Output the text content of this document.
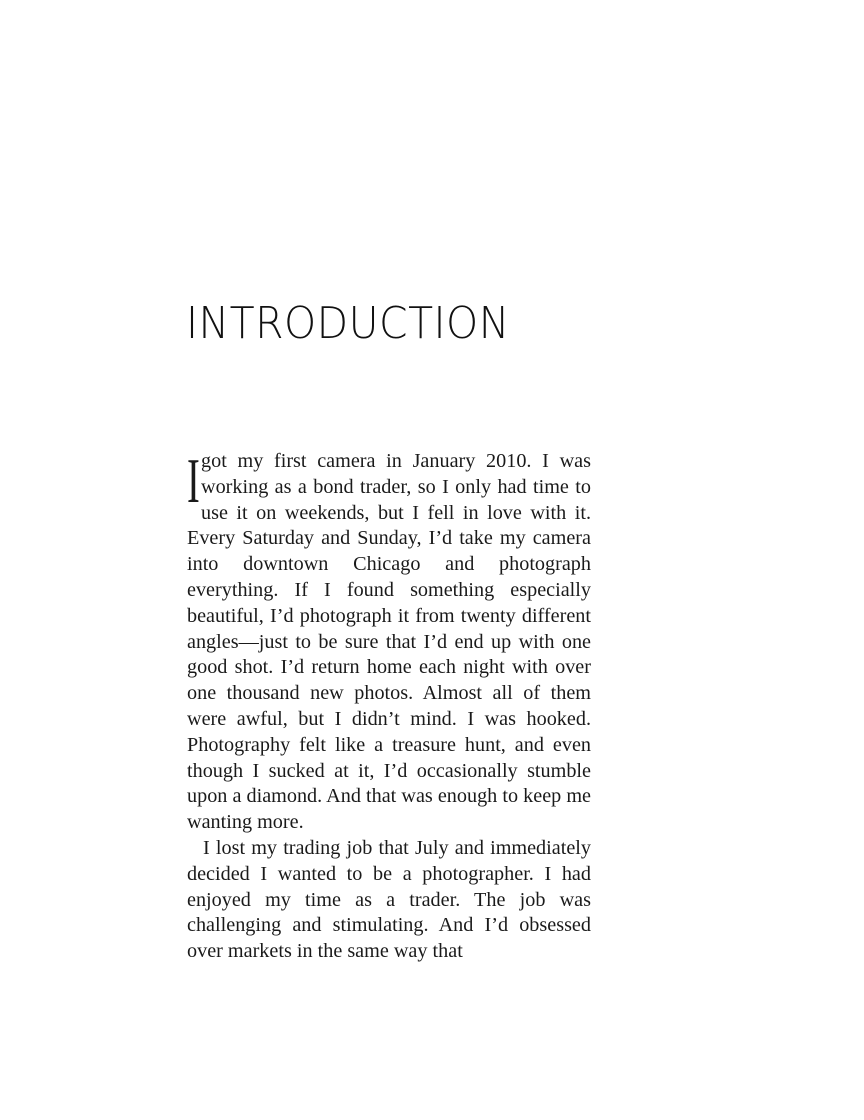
INTRODUCTION

Igot my first camera in January 2010. I was working as a bond trader, so I only had time to use it on weekends, but I fell in love with it. Every Saturday and Sunday, I’d take my camera into downtown Chicago and photograph everything. If I found something especially beautiful, I’d photograph it from twenty different angles—just to be sure that I’d end up with one good shot. I’d return home each night with over one thousand new photos. Almost all of them were awful, but I didn’t mind. I was hooked. Photography felt like a treasure hunt, and even though I sucked at it, I’d occasionally stumble upon a diamond. And that was enough to keep me wanting more.

I lost my trading job that July and immediately decided I wanted to be a photographer. I had enjoyed my time as a trader. The job was challenging and stimulating. And I’d obsessed over markets in the same way that
